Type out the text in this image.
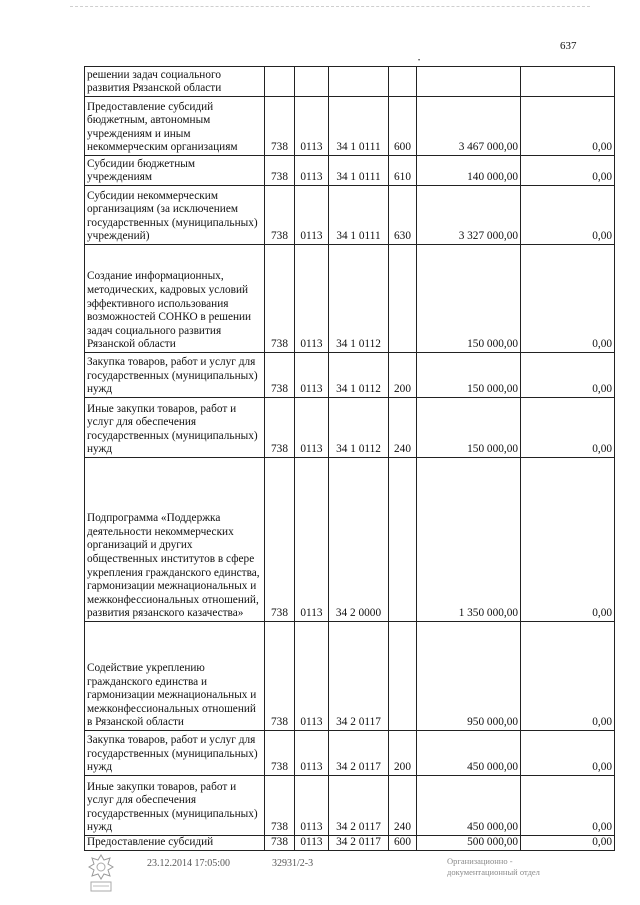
637
•
решении задач социального развития Рязанской области						
Предоставление субсидий бюджетным, автономным учреждениям и иным некоммерческим организациям	738	0113	34 1 0111	600	3 467 000,00	0,00
Субсидии бюджетным учреждениям	738	0113	34 1 0111	610	140 000,00	0,00
Субсидии некоммерческим организациям (за исключением государственных (муниципальных) учреждений)	738	0113	34 1 0111	630	3 327 000,00	0,00
Создание информационных, методических, кадровых условий эффективного использования возможностей СОНКО в решении задач социального развития Рязанской области	738	0113	34 1 0112		150 000,00	0,00
Закупка товаров, работ и услуг для государственных (муниципальных) нужд	738	0113	34 1 0112	200	150 000,00	0,00
Иные закупки товаров, работ и услуг для обеспечения государственных (муниципальных) нужд	738	0113	34 1 0112	240	150 000,00	0,00
Подпрограмма «Поддержка деятельности некоммерческих организаций и других общественных институтов в сфере укрепления гражданского единства, гармонизации межнациональных и межконфессиональных отношений, развития рязанского казачества»	738	0113	34 2 0000		1 350 000,00	0,00
Содействие укреплению гражданского единства и гармонизации межнациональных и межконфессиональных отношений в Рязанской области	738	0113	34 2 0117		950 000,00	0,00
Закупка товаров, работ и услуг для государственных (муниципальных) нужд	738	0113	34 2 0117	200	450 000,00	0,00
Иные закупки товаров, работ и услуг для обеспечения государственных (муниципальных) нужд	738	0113	34 2 0117	240	450 000,00	0,00
Предоставление субсидий	738	0113	34 2 0117	600	500 000,00	0,00
23.12.2014 17:05:00	32931/2-3	Организационно -
документационный отдел
